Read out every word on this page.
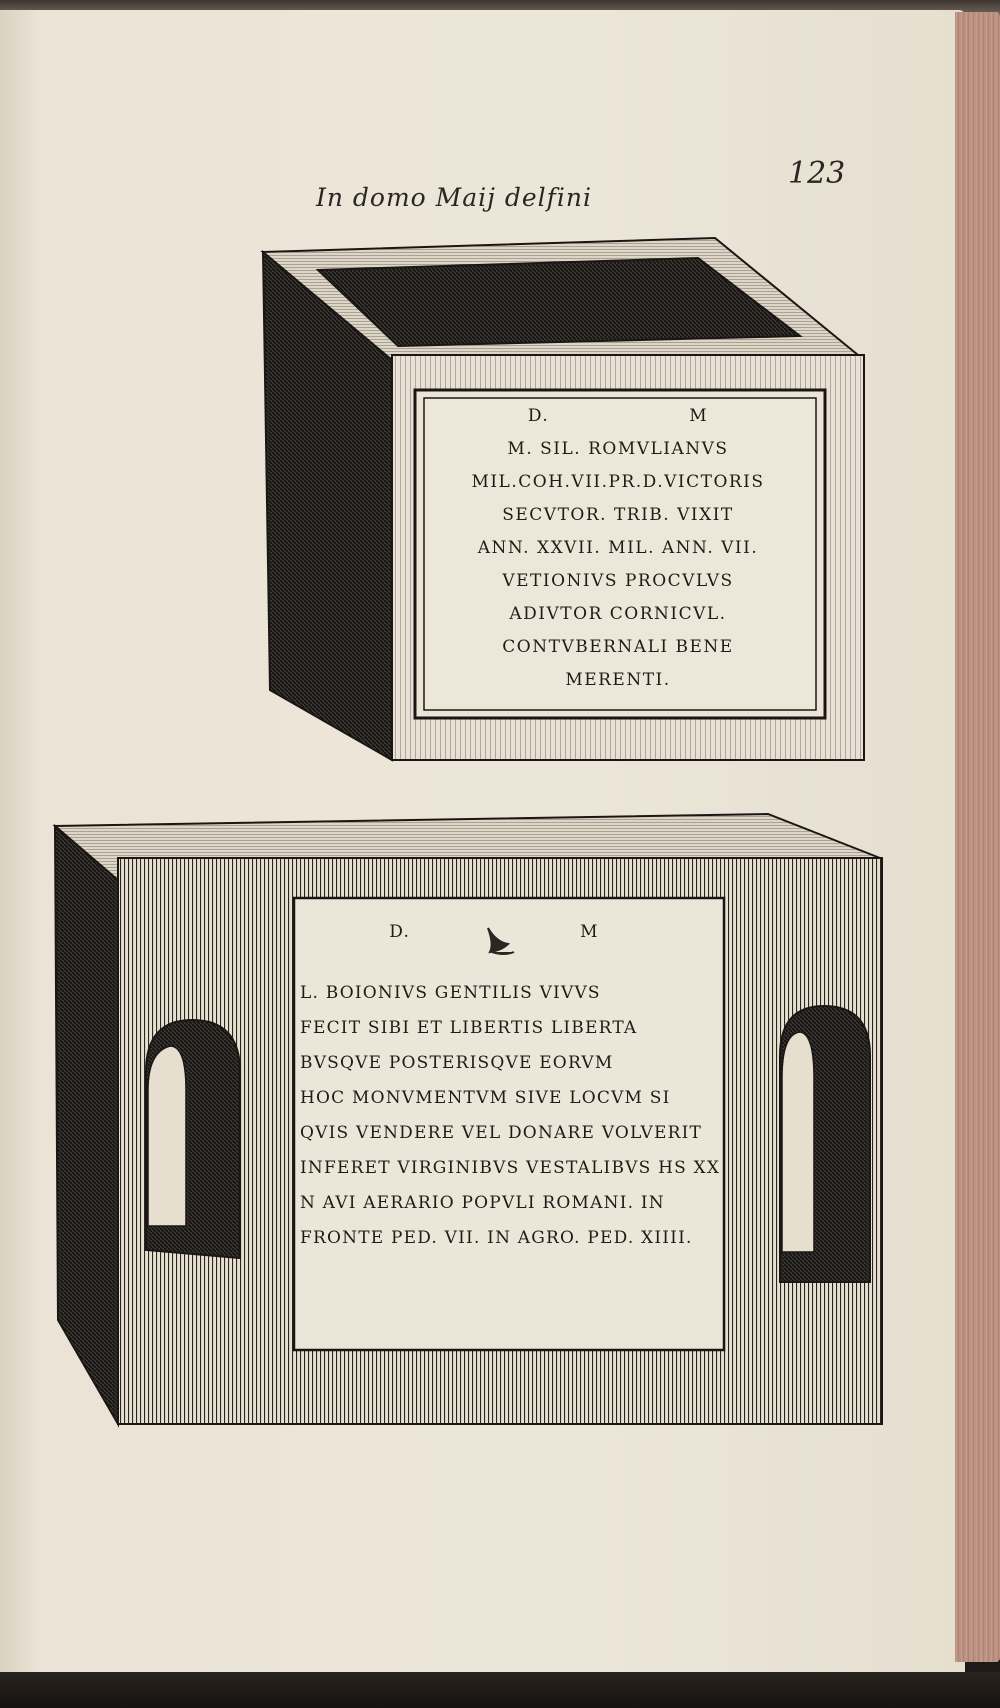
In domo Maij delfini
123
D.	M
M. SIL. ROMVLIANVS
MIL.COH.VII.PR.D.VICTORIS
SECVTOR. TRIB. VIXIT
ANN. XXVII. MIL. ANN. VII.
VETIONIVS PROCVLVS
ADIVTOR CORNICVL.
CONTVBERNALI BENE
MERENTI.
D.	M
L. BOIONIVS GENTILIS VIVVS
FECIT SIBI ET LIBERTIS LIBERTA
BVSQVE POSTERISQVE EORVM
HOC MONVMENTVM SIVE LOCVM SI
QVIS VENDERE VEL DONARE VOLVERIT
INFERET VIRGINIBVS VESTALIBVS HS XX
N AVI AERARIO POPVLI ROMANI. IN
FRONTE PED. VII. IN AGRO. PED. XIIII.
